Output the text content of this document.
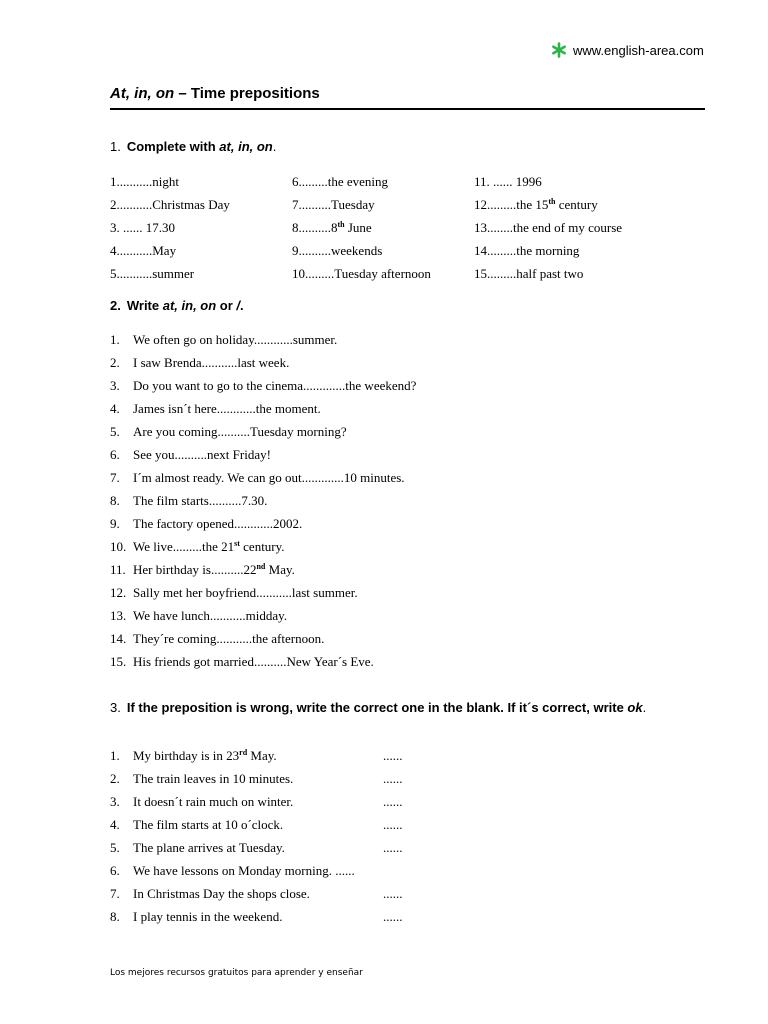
www.english-area.com
At, in, on – Time prepositions
1. Complete with at, in, on.
1...........night	6.........the evening	11. ...... 1996
2...........Christmas Day	7..........Tuesday	12.........the 15th century
3. ...... 17.30	8..........8th June	13........the end of my course
4...........May	9..........weekends	14.........the morning
5...........summer	10.........Tuesday afternoon	15.........half past two
2. Write at, in, on or /.
1.	We often go on holiday............summer.
2.	I saw Brenda...........last week.
3.	Do you want to go to the cinema.............the weekend?
4.	James isn´t here............the moment.
5.	Are you coming..........Tuesday morning?
6.	See you..........next Friday!
7.	I´m almost ready. We can go out.............10 minutes.
8.	The film starts..........7.30.
9.	The factory opened............2002.
10. We live.........the 21st century.
11. Her birthday is..........22nd May.
12. Sally met her boyfriend...........last summer.
13. We have lunch...........midday.
14. They´re coming...........the afternoon.
15. His friends got married..........New Year´s Eve.
3. If the preposition is wrong, write the correct one in the blank. If it´s correct, write ok.
1.	My birthday is in 23rd May.	......
2.	The train leaves in 10 minutes.	......
3.	It doesn´t rain much on winter.	......
4.	The film starts at 10 o´clock.	......
5.	The plane arrives at Tuesday.	......
6.	We have lessons on Monday morning. ......
7.	In Christmas Day the shops close.	......
8.	I play tennis in the weekend.	......
Los mejores recursos gratuitos para aprender y enseñar
